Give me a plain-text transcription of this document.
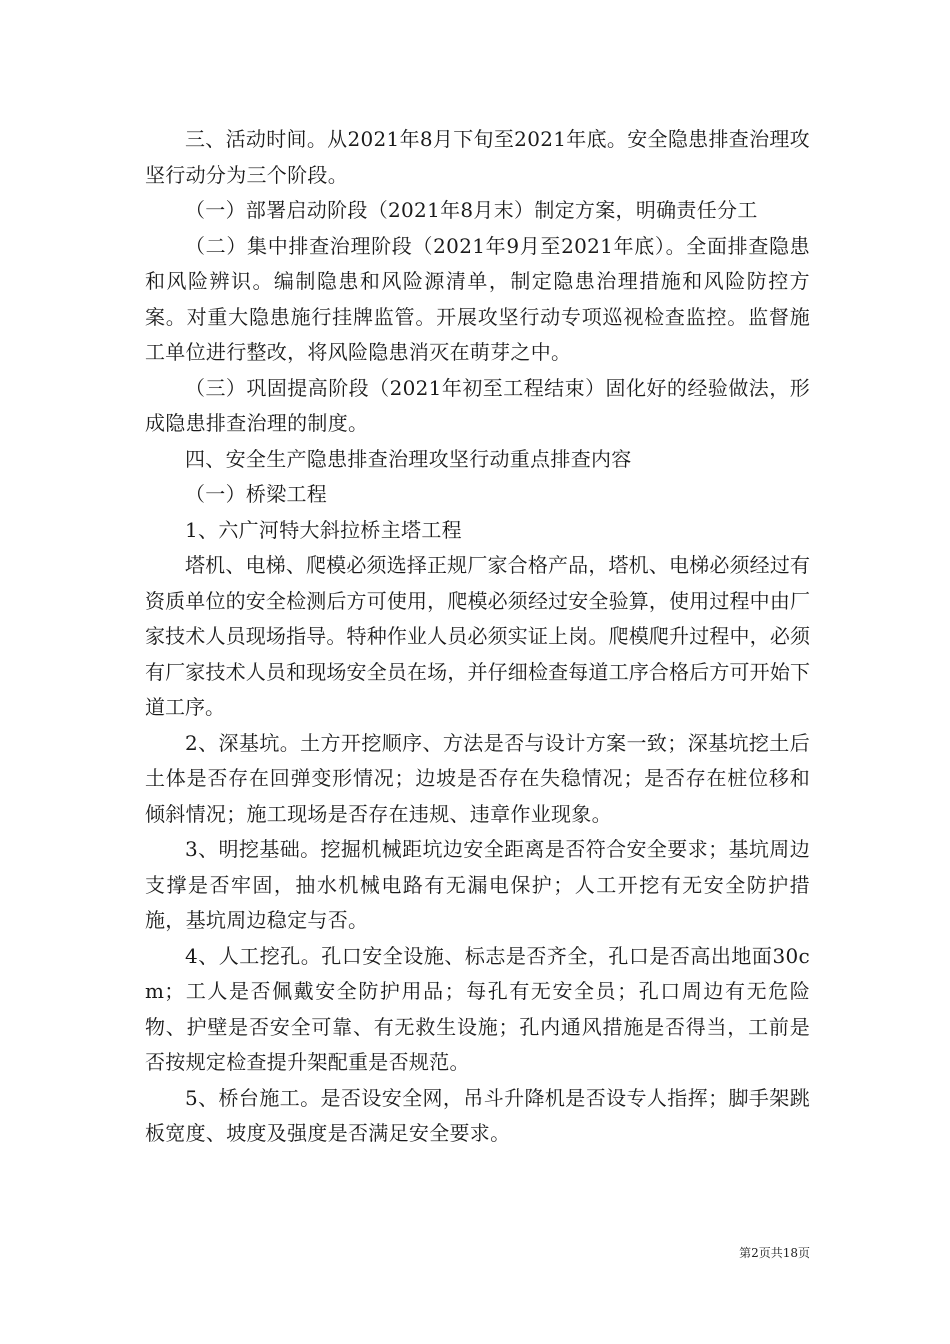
三、活动时间。从2021年8月下旬至2021年底。安全隐患排查治理攻坚行动分为三个阶段。

（一）部署启动阶段（2021年8月末）制定方案，明确责任分工

（二）集中排查治理阶段（2021年9月至2021年底）。全面排查隐患和风险辨识。编制隐患和风险源清单，制定隐患治理措施和风险防控方案。对重大隐患施行挂牌监管。开展攻坚行动专项巡视检查监控。监督施工单位进行整改，将风险隐患消灭在萌芽之中。

（三）巩固提高阶段（2021年初至工程结束）固化好的经验做法，形成隐患排查治理的制度。

四、安全生产隐患排查治理攻坚行动重点排查内容

（一）桥梁工程

1、六广河特大斜拉桥主塔工程

塔机、电梯、爬模必须选择正规厂家合格产品，塔机、电梯必须经过有资质单位的安全检测后方可使用，爬模必须经过安全验算，使用过程中由厂家技术人员现场指导。特种作业人员必须实证上岗。爬模爬升过程中，必须有厂家技术人员和现场安全员在场，并仔细检查每道工序合格后方可开始下道工序。

2、深基坑。土方开挖顺序、方法是否与设计方案一致；深基坑挖土后土体是否存在回弹变形情况；边坡是否存在失稳情况；是否存在桩位移和倾斜情况；施工现场是否存在违规、违章作业现象。

3、明挖基础。挖掘机械距坑边安全距离是否符合安全要求；基坑周边支撑是否牢固，抽水机械电路有无漏电保护；人工开挖有无安全防护措施，基坑周边稳定与否。

4、人工挖孔。孔口安全设施、标志是否齐全，孔口是否高出地面30cm；工人是否佩戴安全防护用品；每孔有无安全员；孔口周边有无危险物、护壁是否安全可靠、有无救生设施；孔内通风措施是否得当，工前是否按规定检查提升架配重是否规范。

5、桥台施工。是否设安全网，吊斗升降机是否设专人指挥；脚手架跳板宽度、坡度及强度是否满足安全要求。

第2页共18页
